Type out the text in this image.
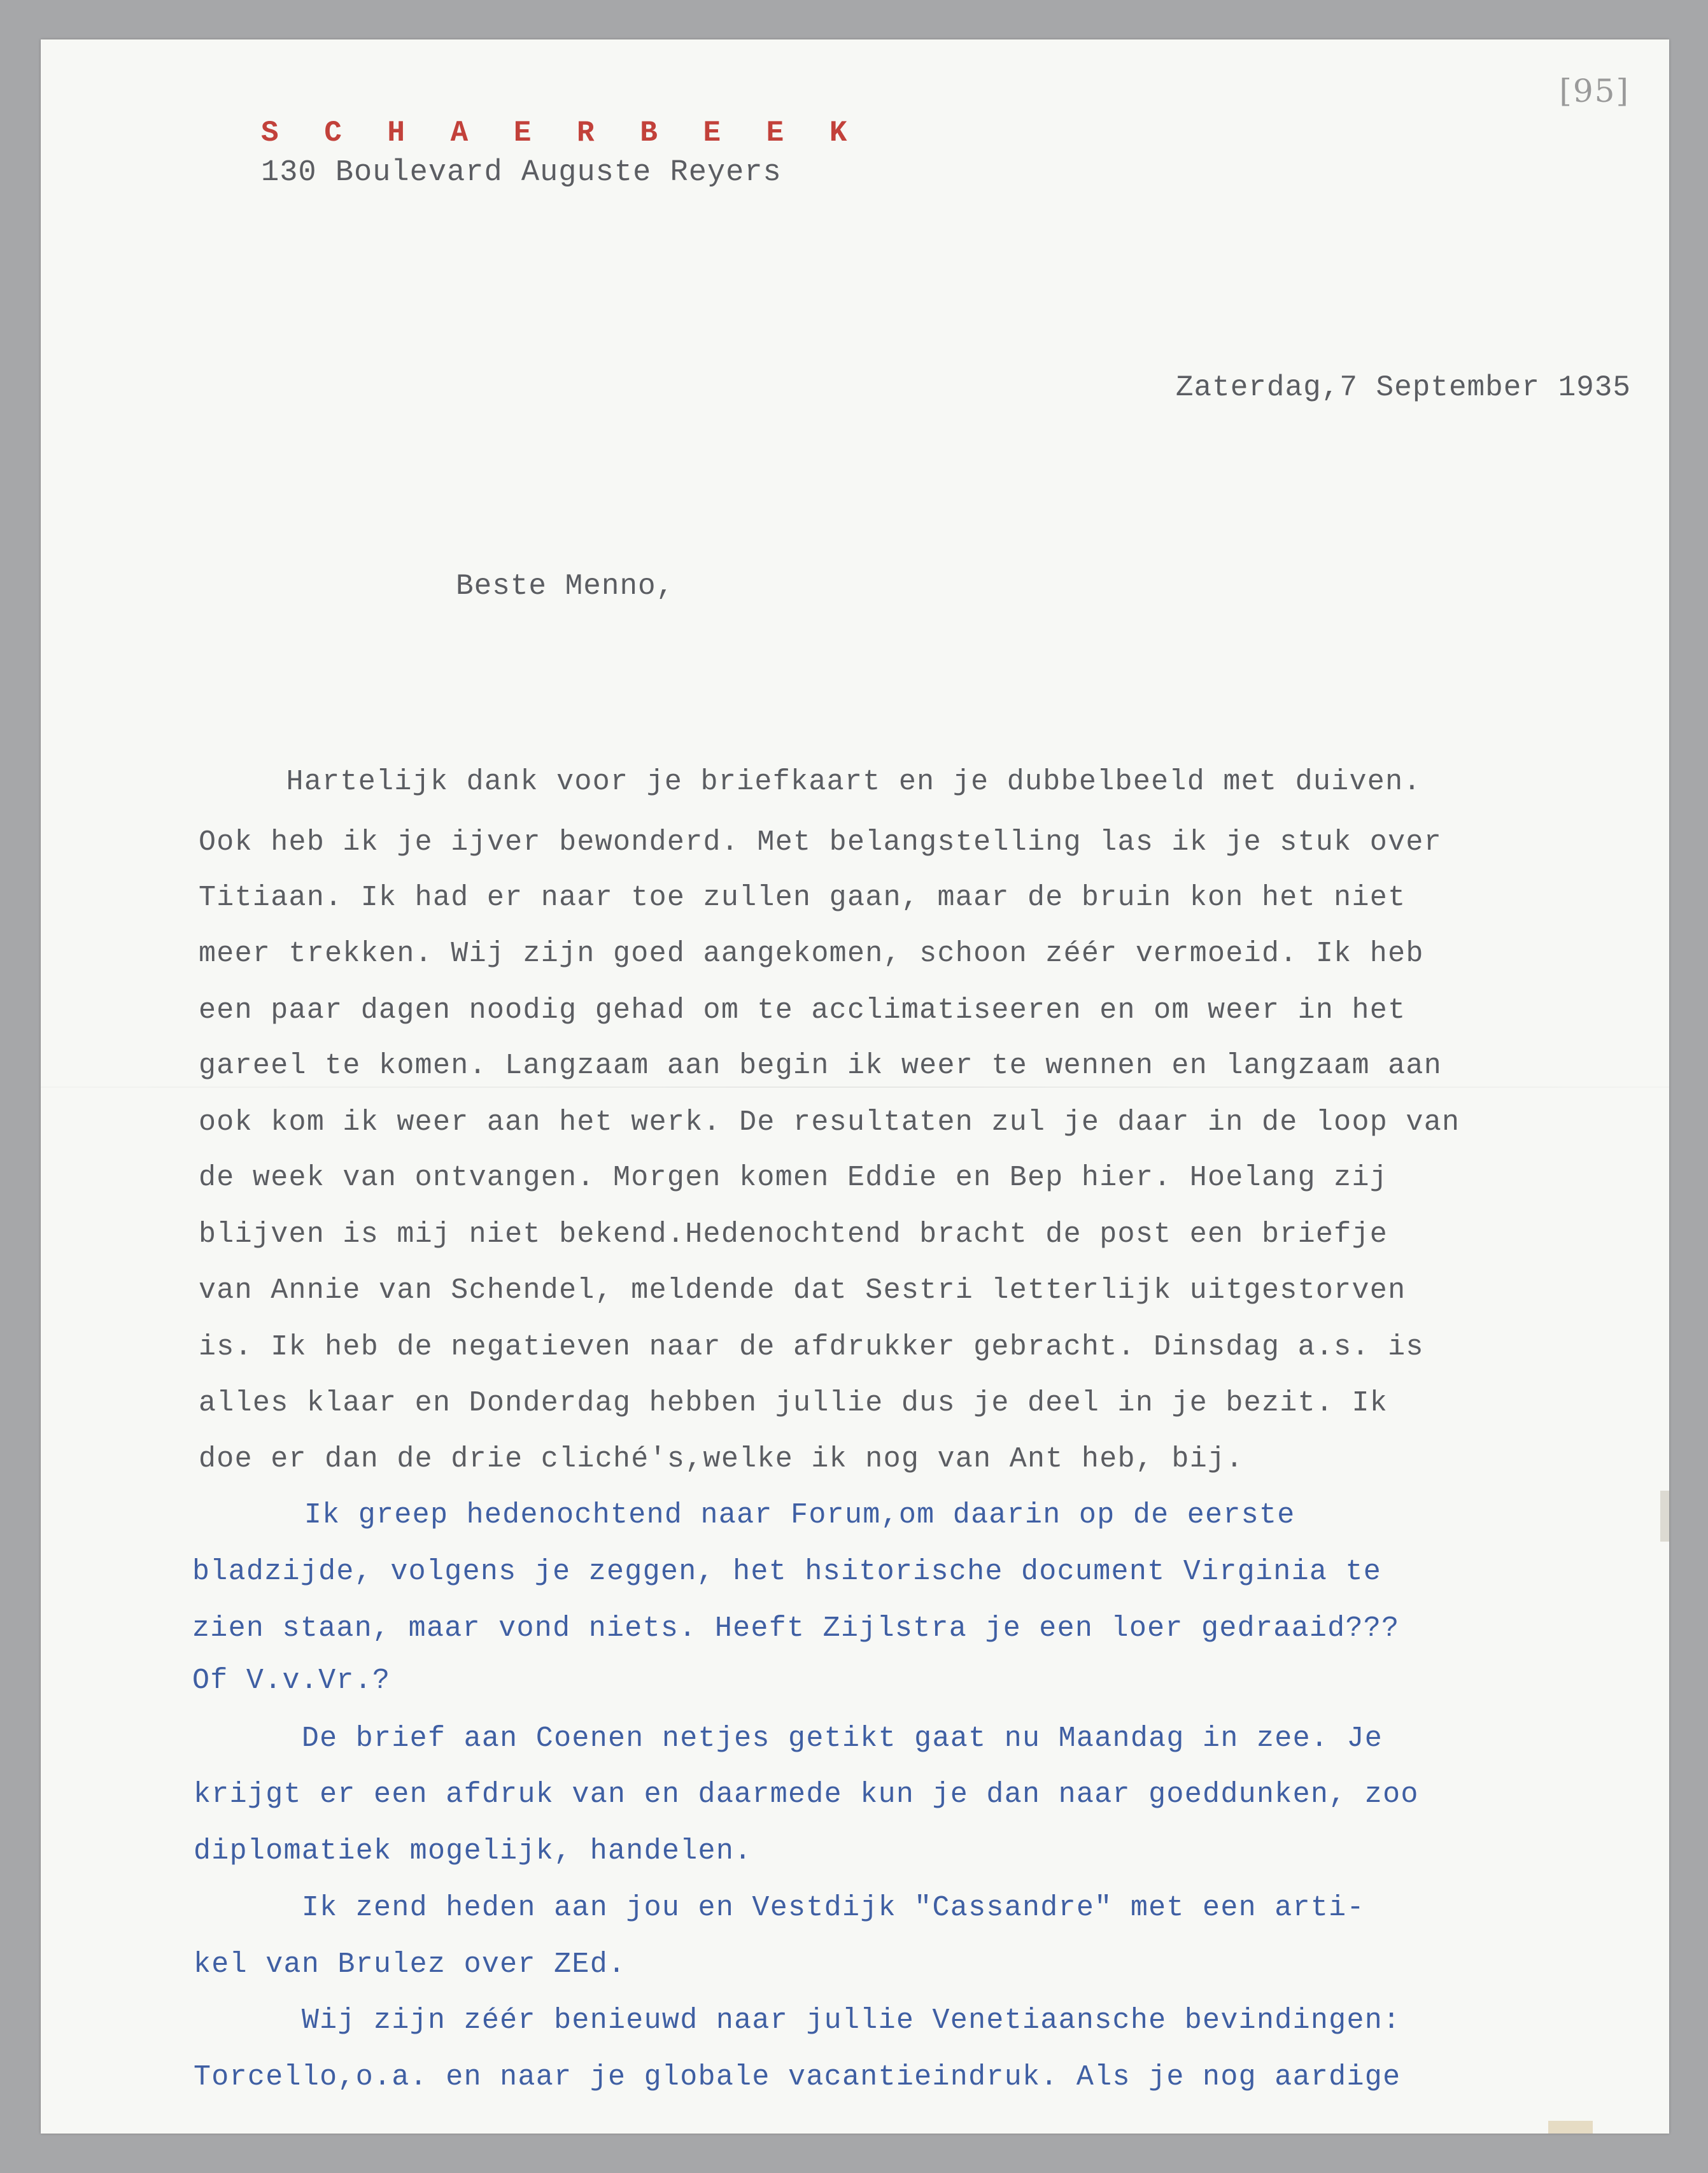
[95]
S C H A E R B E E K
130 Boulevard Auguste Reyers
Zaterdag,7 September 1935
Beste Menno,
Hartelijk dank voor je briefkaart en je dubbelbeeld met duiven.
Ook heb ik je ijver bewonderd. Met belangstelling las ik je stuk over
Titiaan. Ik had er naar toe zullen gaan, maar de bruin kon het niet
meer trekken. Wij zijn goed aangekomen, schoon zéér vermoeid. Ik heb
een paar dagen noodig gehad om te acclimatiseeren en om weer in het
gareel te komen. Langzaam aan begin ik weer te wennen en langzaam aan
ook kom ik weer aan het werk. De resultaten zul je daar in de loop van
de week van ontvangen. Morgen komen Eddie en Bep hier. Hoelang zij
blijven is mij niet bekend.Hedenochtend bracht de post een briefje
van Annie van Schendel, meldende dat Sestri letterlijk uitgestorven
is. Ik heb de negatieven naar de afdrukker gebracht. Dinsdag a.s. is
alles klaar en Donderdag hebben jullie dus je deel in je bezit. Ik
doe er dan de drie cliché's,welke ik nog van Ant heb, bij.
Ik greep hedenochtend naar Forum,om daarin op de eerste
bladzijde, volgens je zeggen, het hsitorische document Virginia te
zien staan, maar vond niets. Heeft Zijlstra je een loer gedraaid???
Of V.v.Vr.?
De brief aan Coenen netjes getikt gaat nu Maandag in zee. Je
krijgt er een afdruk van en daarmede kun je dan naar goeddunken, zoo
diplomatiek mogelijk, handelen.
Ik zend heden aan jou en Vestdijk "Cassandre" met een arti-
kel van Brulez over ZEd.
Wij zijn zéér benieuwd naar jullie Venetiaansche bevindingen:
Torcello,o.a. en naar je globale vacantieindruk. Als je nog aardige
